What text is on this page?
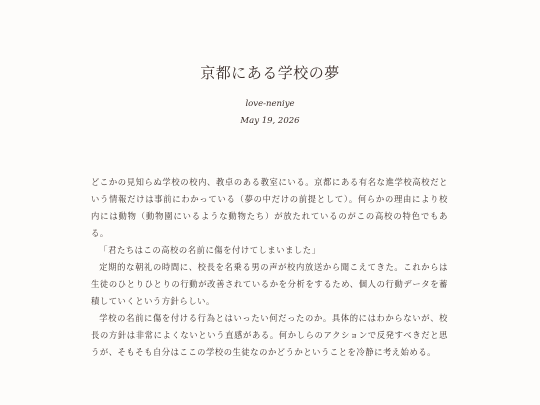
京都にある学校の夢
love-neniye
May 19, 2026

どこかの見知らぬ学校の校内、教卓のある教室にいる。京都にある有名な進学校高校だという情報だけは事前にわかっている（夢の中だけの前提として）。何らかの理由により校内には動物（動物園にいるような動物たち）が放たれているのがこの高校の特色でもある。

「君たちはこの高校の名前に傷を付けてしまいました」

定期的な朝礼の時間に、校長を名乗る男の声が校内放送から聞こえてきた。これからは生徒のひとりひとりの行動が改善されているかを分析をするため、個人の行動データを蓄積していくという方針らしい。

学校の名前に傷を付ける行為とはいったい何だったのか。具体的にはわからないが、校長の方針は非常によくないという直感がある。何かしらのアクションで反発すべきだと思うが、そもそも自分はここの学校の生徒なのかどうかということを冷静に考え始める。
